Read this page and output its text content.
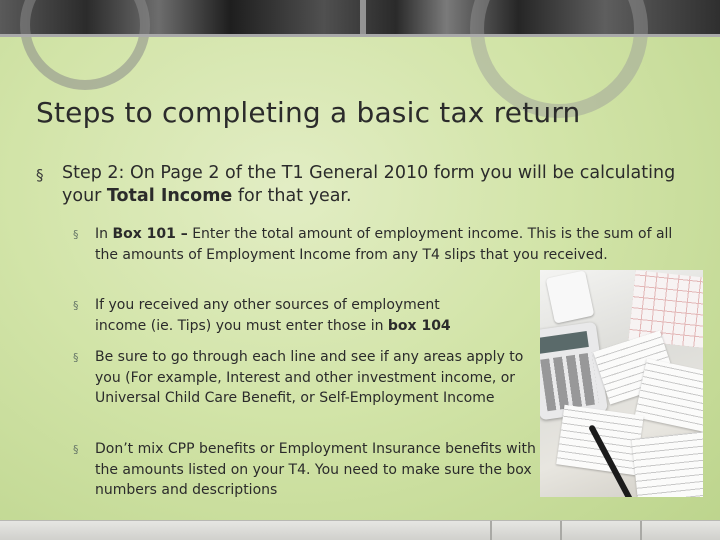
Steps to completing a basic tax return
§ Step 2: On Page 2 of the T1 General 2010 form you will be calculating your Total Income for that year.
§ In Box 101 – Enter the total amount of employment income. This is the sum of all the amounts of Employment Income from any T4 slips that you received.
§ If you received any other sources of employment income (ie. Tips) you must enter those in box 104
§ Be sure to go through each line and see if any areas apply to you (For example, Interest and other investment income, or Universal Child Care Benefit, or Self-Employment Income
§ Don’t mix CPP benefits or Employment Insurance benefits with the amounts listed on your T4. You need to make sure the box numbers and descriptions
